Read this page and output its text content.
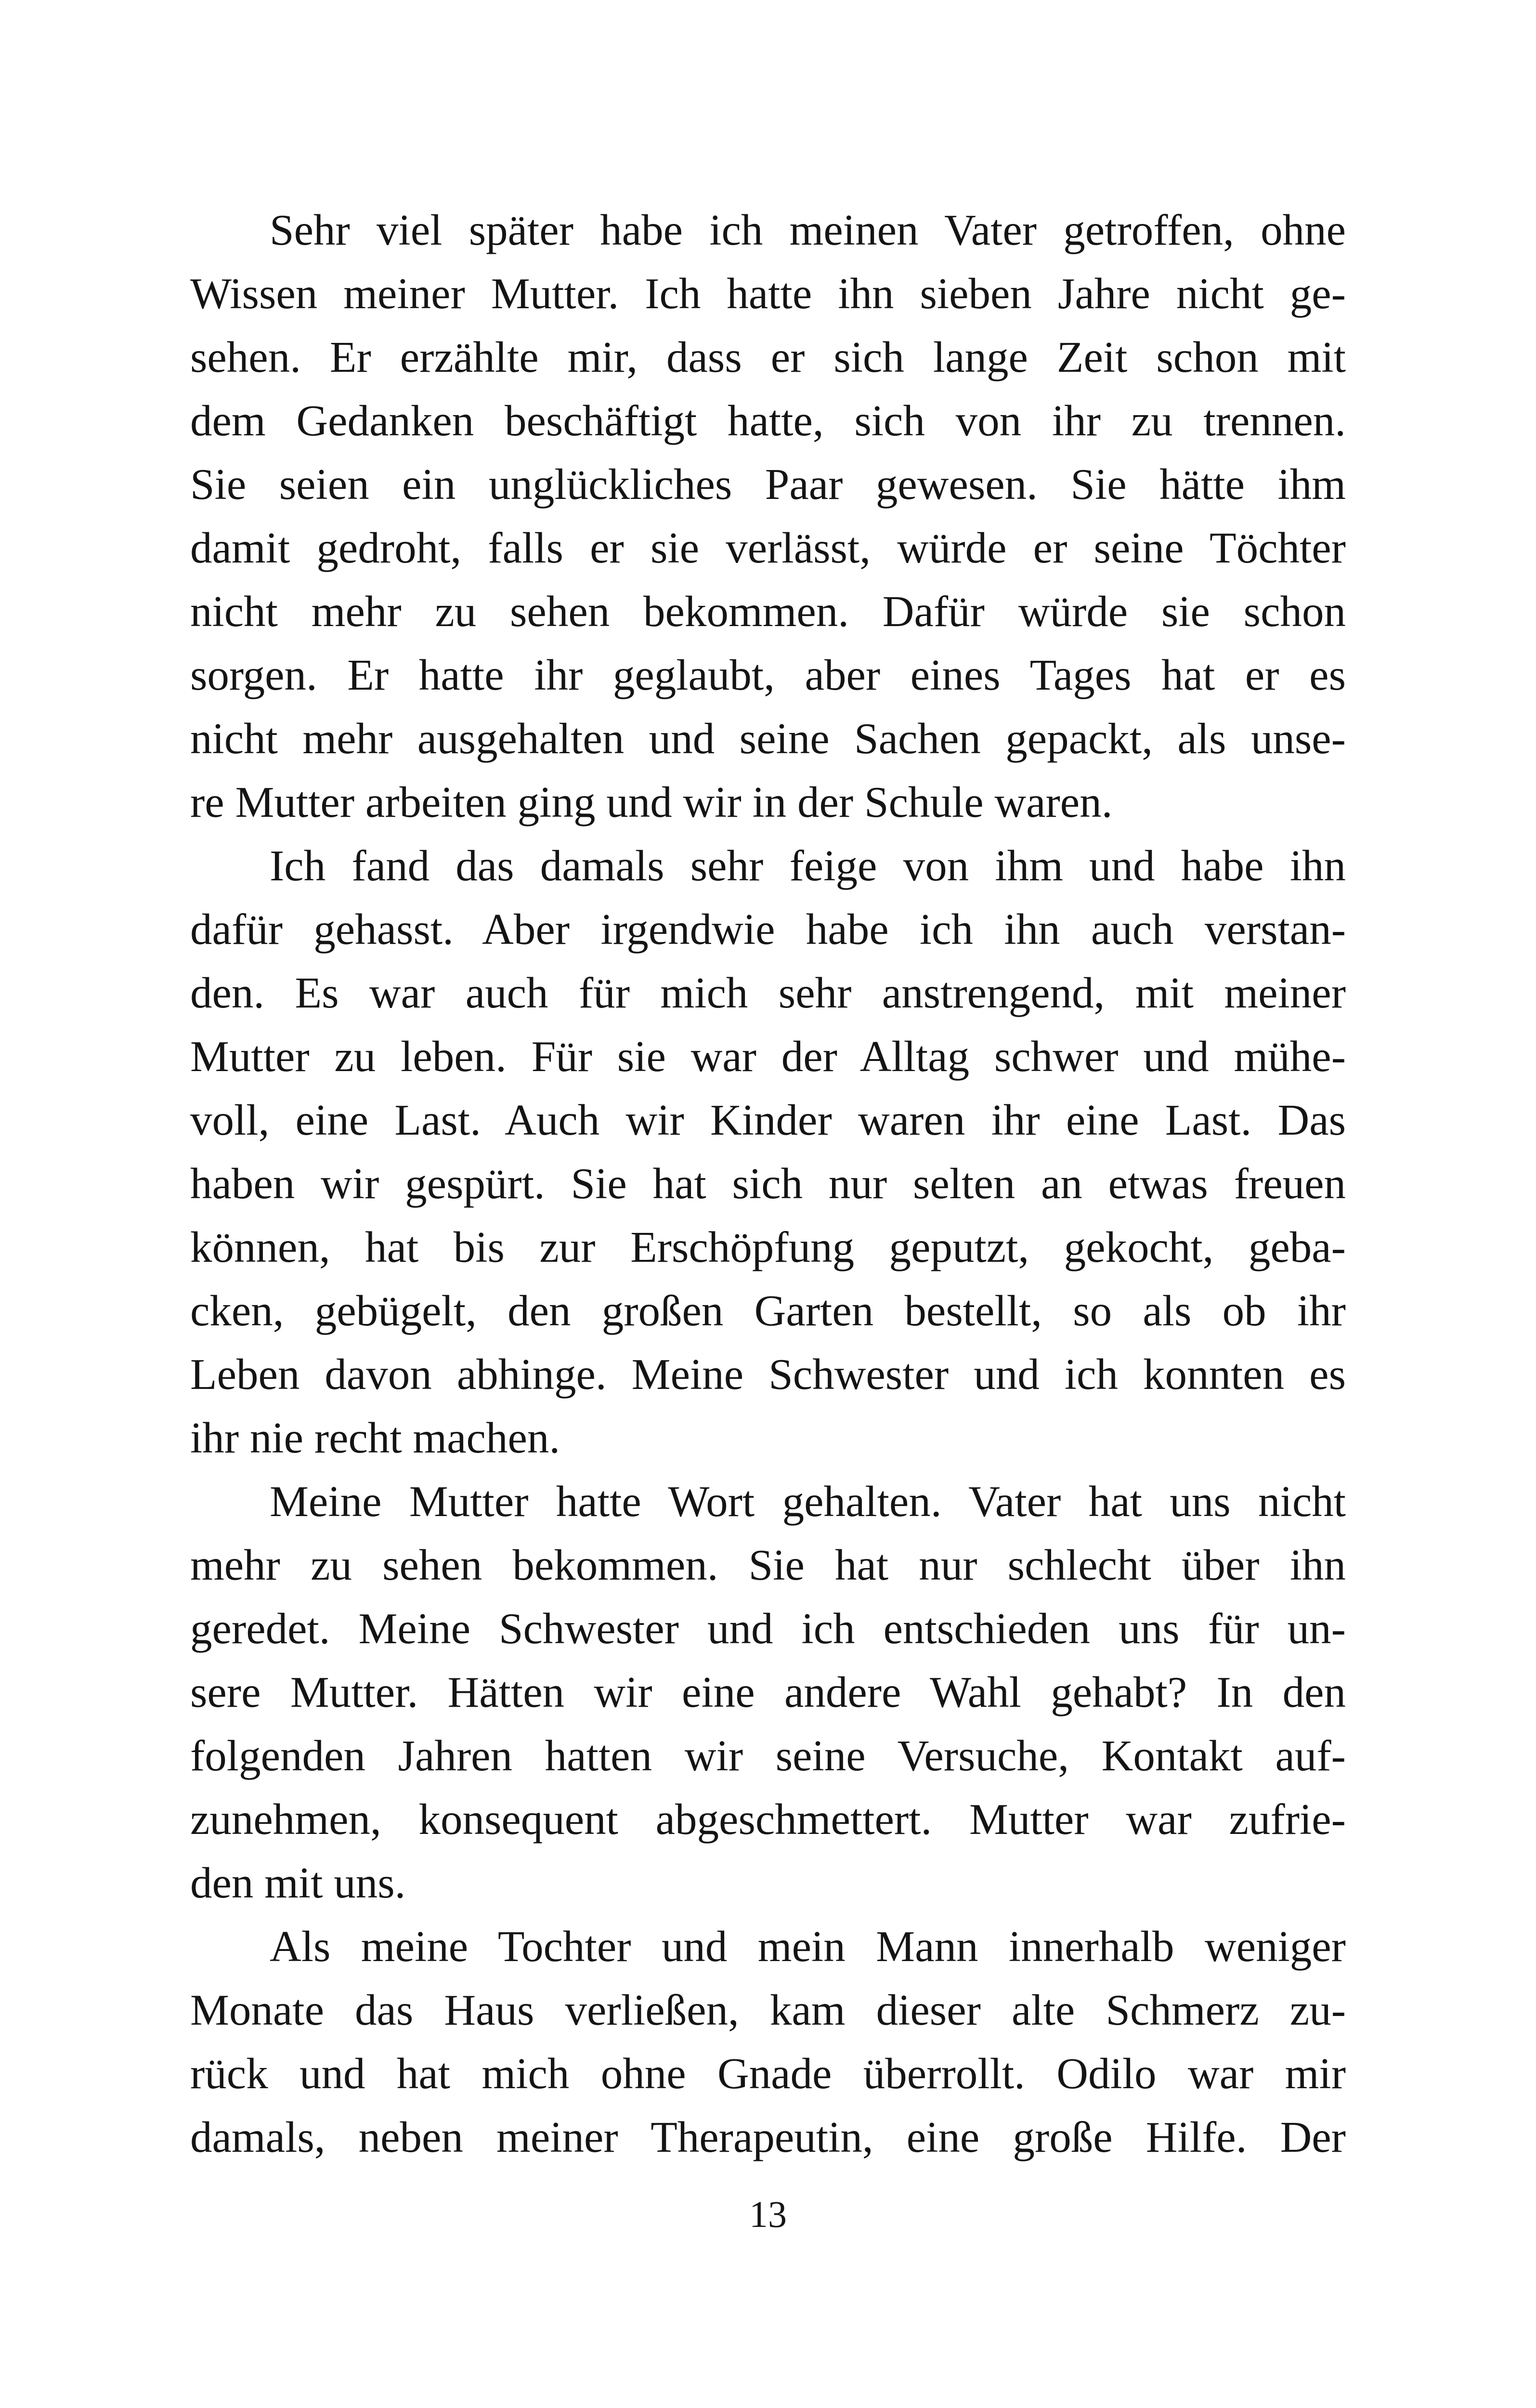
Sehr viel später habe ich meinen Vater getroffen, ohne
Wissen meiner Mutter. Ich hatte ihn sieben Jahre nicht ge-
sehen. Er erzählte mir, dass er sich lange Zeit schon mit
dem Gedanken beschäftigt hatte, sich von ihr zu trennen.
Sie seien ein unglückliches Paar gewesen. Sie hätte ihm
damit gedroht, falls er sie verlässt, würde er seine Töchter
nicht mehr zu sehen bekommen. Dafür würde sie schon
sorgen. Er hatte ihr geglaubt, aber eines Tages hat er es
nicht mehr ausgehalten und seine Sachen gepackt, als unse-
re Mutter arbeiten ging und wir in der Schule waren.
Ich fand das damals sehr feige von ihm und habe ihn
dafür gehasst. Aber irgendwie habe ich ihn auch verstan-
den. Es war auch für mich sehr anstrengend, mit meiner
Mutter zu leben. Für sie war der Alltag schwer und mühe-
voll, eine Last. Auch wir Kinder waren ihr eine Last. Das
haben wir gespürt. Sie hat sich nur selten an etwas freuen
können, hat bis zur Erschöpfung geputzt, gekocht, geba-
cken, gebügelt, den großen Garten bestellt, so als ob ihr
Leben davon abhinge. Meine Schwester und ich konnten es
ihr nie recht machen.
Meine Mutter hatte Wort gehalten. Vater hat uns nicht
mehr zu sehen bekommen. Sie hat nur schlecht über ihn
geredet. Meine Schwester und ich entschieden uns für un-
sere Mutter. Hätten wir eine andere Wahl gehabt? In den
folgenden Jahren hatten wir seine Versuche, Kontakt auf-
zunehmen, konsequent abgeschmettert. Mutter war zufrie-
den mit uns.
Als meine Tochter und mein Mann innerhalb weniger
Monate das Haus verließen, kam dieser alte Schmerz zu-
rück und hat mich ohne Gnade überrollt. Odilo war mir
damals, neben meiner Therapeutin, eine große Hilfe. Der
13
